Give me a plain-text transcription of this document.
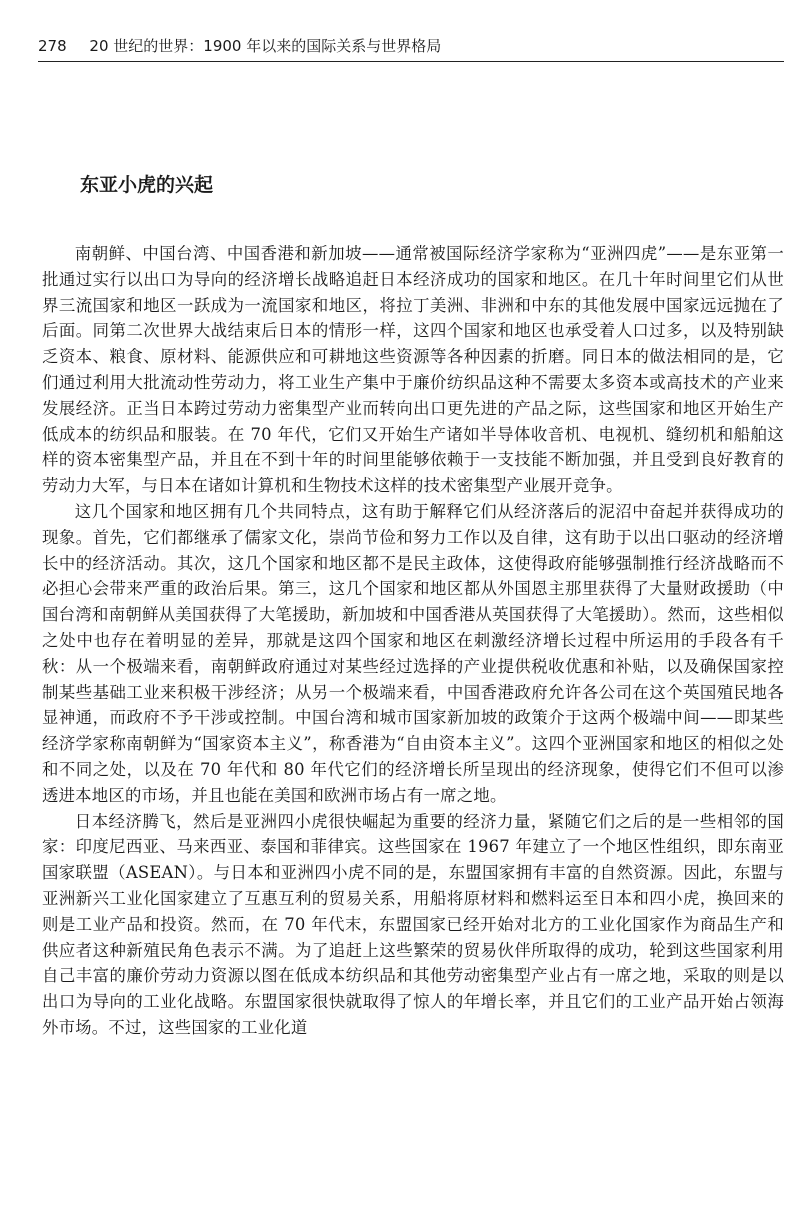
278 20 世纪的世界：1900 年以来的国际关系与世界格局
东亚小虎的兴起

南朝鲜、中国台湾、中国香港和新加坡——通常被国际经济学家称为“亚洲四虎”——是东亚第一批通过实行以出口为导向的经济增长战略追赶日本经济成功的国家和地区。在几十年时间里它们从世界三流国家和地区一跃成为一流国家和地区，将拉丁美洲、非洲和中东的其他发展中国家远远抛在了后面。同第二次世界大战结束后日本的情形一样，这四个国家和地区也承受着人口过多，以及特别缺乏资本、粮食、原材料、能源供应和可耕地这些资源等各种因素的折磨。同日本的做法相同的是，它们通过利用大批流动性劳动力，将工业生产集中于廉价纺织品这种不需要太多资本或高技术的产业来发展经济。正当日本跨过劳动力密集型产业而转向出口更先进的产品之际，这些国家和地区开始生产低成本的纺织品和服装。在 70 年代，它们又开始生产诸如半导体收音机、电视机、缝纫机和船舶这样的资本密集型产品，并且在不到十年的时间里能够依赖于一支技能不断加强，并且受到良好教育的劳动力大军，与日本在诸如计算机和生物技术这样的技术密集型产业展开竞争。

这几个国家和地区拥有几个共同特点，这有助于解释它们从经济落后的泥沼中奋起并获得成功的现象。首先，它们都继承了儒家文化，崇尚节俭和努力工作以及自律，这有助于以出口驱动的经济增长中的经济活动。其次，这几个国家和地区都不是民主政体，这使得政府能够强制推行经济战略而不必担心会带来严重的政治后果。第三，这几个国家和地区都从外国恩主那里获得了大量财政援助（中国台湾和南朝鲜从美国获得了大笔援助，新加坡和中国香港从英国获得了大笔援助）。然而，这些相似之处中也存在着明显的差异，那就是这四个国家和地区在刺激经济增长过程中所运用的手段各有千秋：从一个极端来看，南朝鲜政府通过对某些经过选择的产业提供税收优惠和补贴，以及确保国家控制某些基础工业来积极干涉经济；从另一个极端来看，中国香港政府允许各公司在这个英国殖民地各显神通，而政府不予干涉或控制。中国台湾和城市国家新加坡的政策介于这两个极端中间——即某些经济学家称南朝鲜为“国家资本主义”，称香港为“自由资本主义”。这四个亚洲国家和地区的相似之处和不同之处，以及在 70 年代和 80 年代它们的经济增长所呈现出的经济现象，使得它们不但可以渗透进本地区的市场，并且也能在美国和欧洲市场占有一席之地。

日本经济腾飞，然后是亚洲四小虎很快崛起为重要的经济力量，紧随它们之后的是一些相邻的国家：印度尼西亚、马来西亚、泰国和菲律宾。这些国家在 1967 年建立了一个地区性组织，即东南亚国家联盟（ASEAN）。与日本和亚洲四小虎不同的是，东盟国家拥有丰富的自然资源。因此，东盟与亚洲新兴工业化国家建立了互惠互利的贸易关系，用船将原材料和燃料运至日本和四小虎，换回来的则是工业产品和投资。然而，在 70 年代末，东盟国家已经开始对北方的工业化国家作为商品生产和供应者这种新殖民角色表示不满。为了追赶上这些繁荣的贸易伙伴所取得的成功，轮到这些国家利用自己丰富的廉价劳动力资源以图在低成本纺织品和其他劳动密集型产业占有一席之地，采取的则是以出口为导向的工业化战略。东盟国家很快就取得了惊人的年增长率，并且它们的工业产品开始占领海外市场。不过，这些国家的工业化道
